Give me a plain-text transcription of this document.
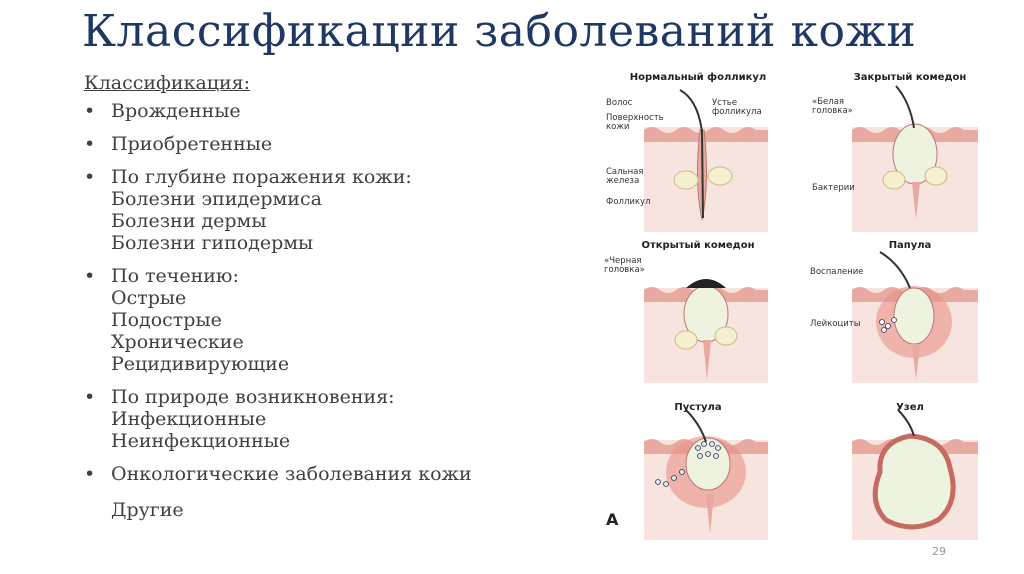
Классификации заболеваний кожи
Классификация:
• Врожденные
• Приобретенные
• По глубине поражения кожи:
Болезни эпидермиса
Болезни дермы
Болезни гиподермы
• По течению:
Острые
Подострые
Хронические
Рецидивирующие
• По природе возникновения:
Инфекционные
Неинфекционные
• Онкологические заболевания кожи
Другие
Нормальный фолликул
Волос
Поверхность кожи
Устье фолликула
Сальная железа
Фолликул
Закрытый комедон
«Белая головка»
Бактерии
Открытый комедон
«Черная головка»
Папула
Воспаление
Лейкоциты
Пустула	Узел
А
29
